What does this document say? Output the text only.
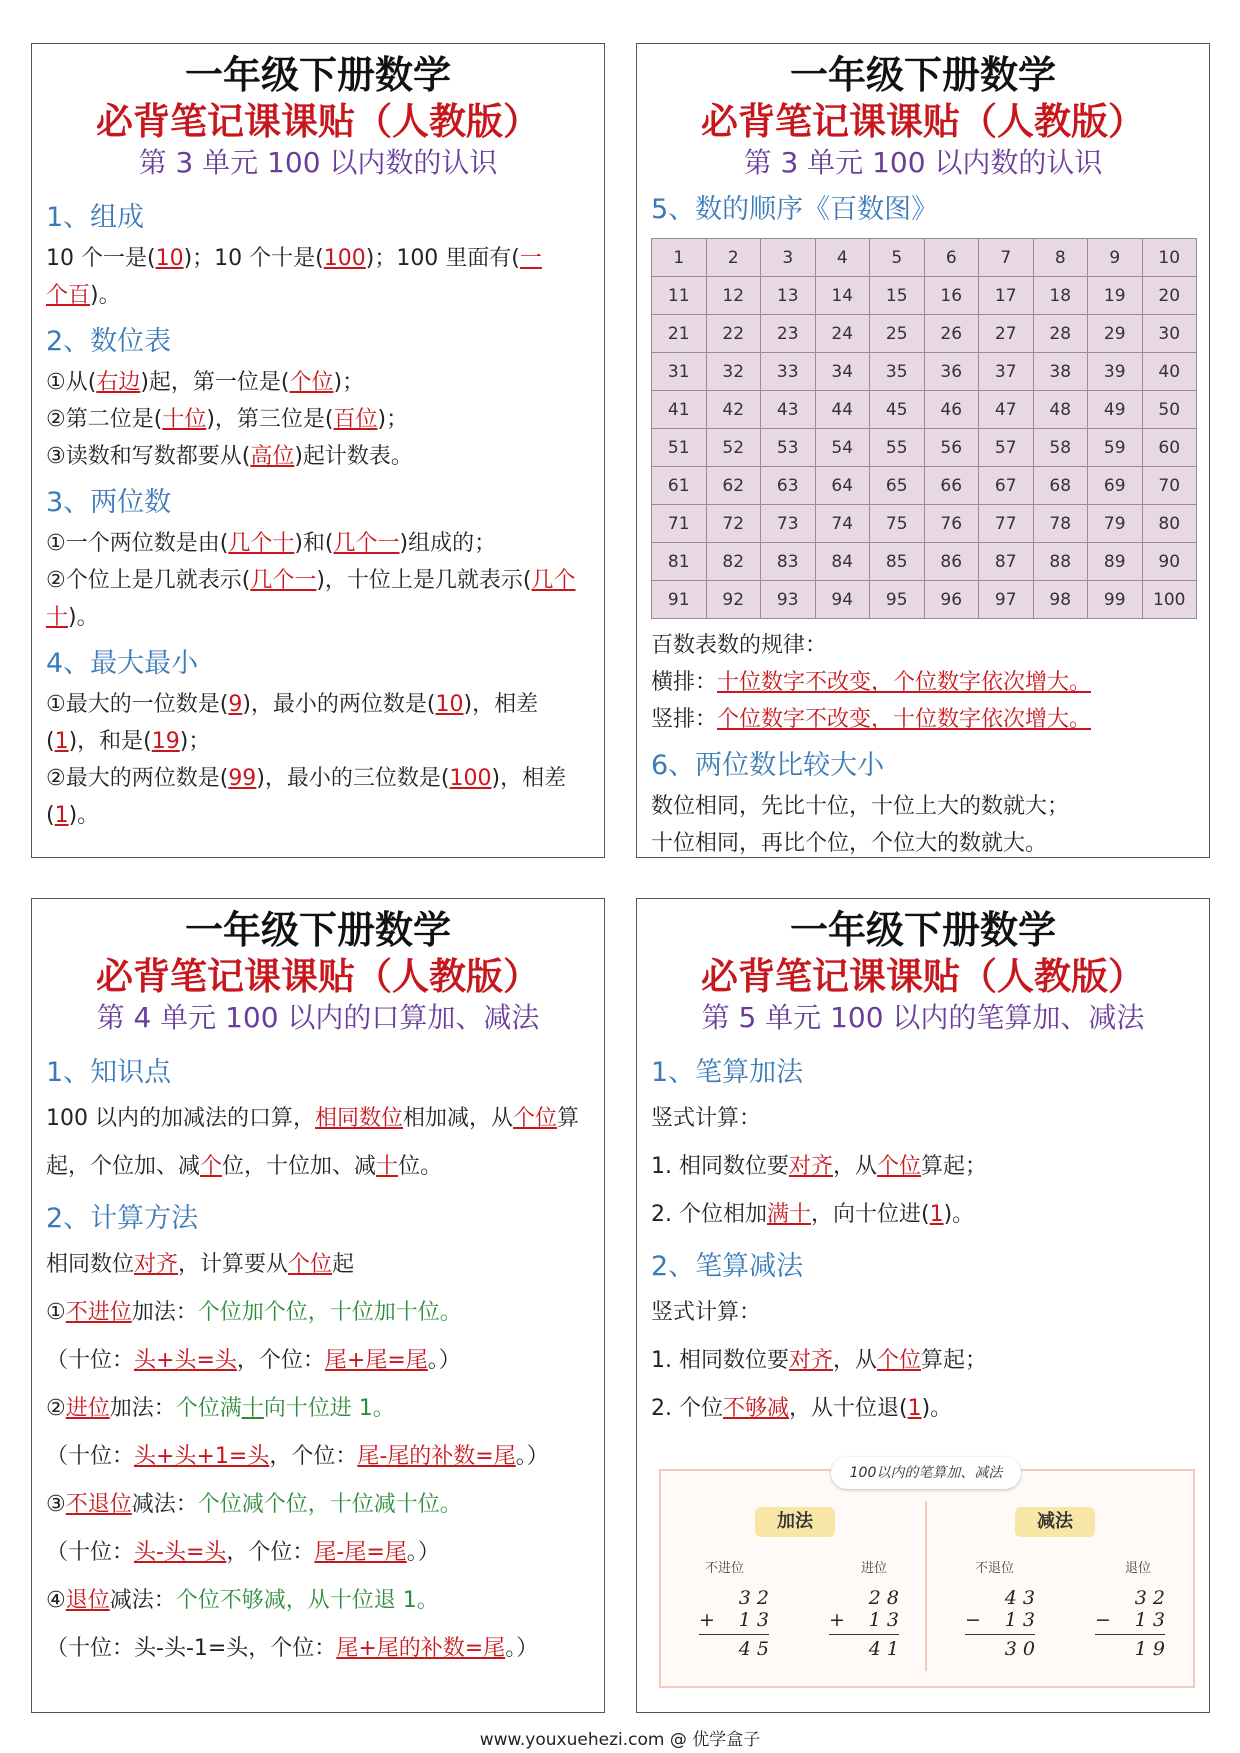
一年级下册数学
必背笔记课课贴（人教版）
第 3 单元 100 以内数的认识
1、组成
10 个一是(10)；10 个十是(100)；100 里面有(一
个百)。
2、数位表
①从(右边)起，第一位是(个位)；
②第二位是(十位)，第三位是(百位)；
③读数和写数都要从(高位)起计数表。
3、两位数
①一个两位数是由(几个十)和(几个一)组成的；
②个位上是几就表示(几个一)，十位上是几就表示(几个十)。
4、最大最小
①最大的一位数是(9)，最小的两位数是(10)，相差(1)，和是(19)；
②最大的两位数是(99)，最小的三位数是(100)，相差(1)。
一年级下册数学
必背笔记课课贴（人教版）
第 3 单元 100 以内数的认识
5、数的顺序《百数图》
1	2	3	4	5	6	7	8	9	10
11	12	13	14	15	16	17	18	19	20
21	22	23	24	25	26	27	28	29	30
31	32	33	34	35	36	37	38	39	40
41	42	43	44	45	46	47	48	49	50
51	52	53	54	55	56	57	58	59	60
61	62	63	64	65	66	67	68	69	70
71	72	73	74	75	76	77	78	79	80
81	82	83	84	85	86	87	88	89	90
91	92	93	94	95	96	97	98	99	100
百数表数的规律：
横排：十位数字不改变，个位数字依次增大。
竖排：个位数字不改变，十位数字依次增大。
6、两位数比较大小
数位相同，先比十位，十位上大的数就大；
十位相同，再比个位，个位大的数就大。
一年级下册数学
必背笔记课课贴（人教版）
第 4 单元 100 以内的口算加、减法
1、知识点
100 以内的加减法的口算，相同数位相加减，从个位算起，个位加、减个位，十位加、减十位。
2、计算方法
相同数位对齐，计算要从个位起
①不进位加法：个位加个位，十位加十位。
（十位：头+头=头，个位：尾+尾=尾。）
②进位加法：个位满十向十位进 1。
（十位：头+头+1=头，个位：尾-尾的补数=尾。）
③不退位减法：个位减个位，十位减十位。
（十位：头-头=头，个位：尾-尾=尾。）
④退位减法：个位不够减，从十位退 1。
（十位：头-头-1=头，个位：尾+尾的补数=尾。）
一年级下册数学
必背笔记课课贴（人教版）
第 5 单元 100 以内的笔算加、减法
1、笔算加法
竖式计算：
1. 相同数位要对齐，从个位算起；
2. 个位相加满十，向十位进(1)。
2、笔算减法
竖式计算：
1. 相同数位要对齐，从个位算起；
2. 个位不够减，从十位退(1)。
100以内的笔算加、减法
加法
不进位	进位
3 2
+ 1 3
4 5
2 8
+ 1 3
4 1
减法
不退位	退位
4 3
− 1 3
3 0
3 2
− 1 3
1 9
www.youxuehezi.com @ 优学盒子
